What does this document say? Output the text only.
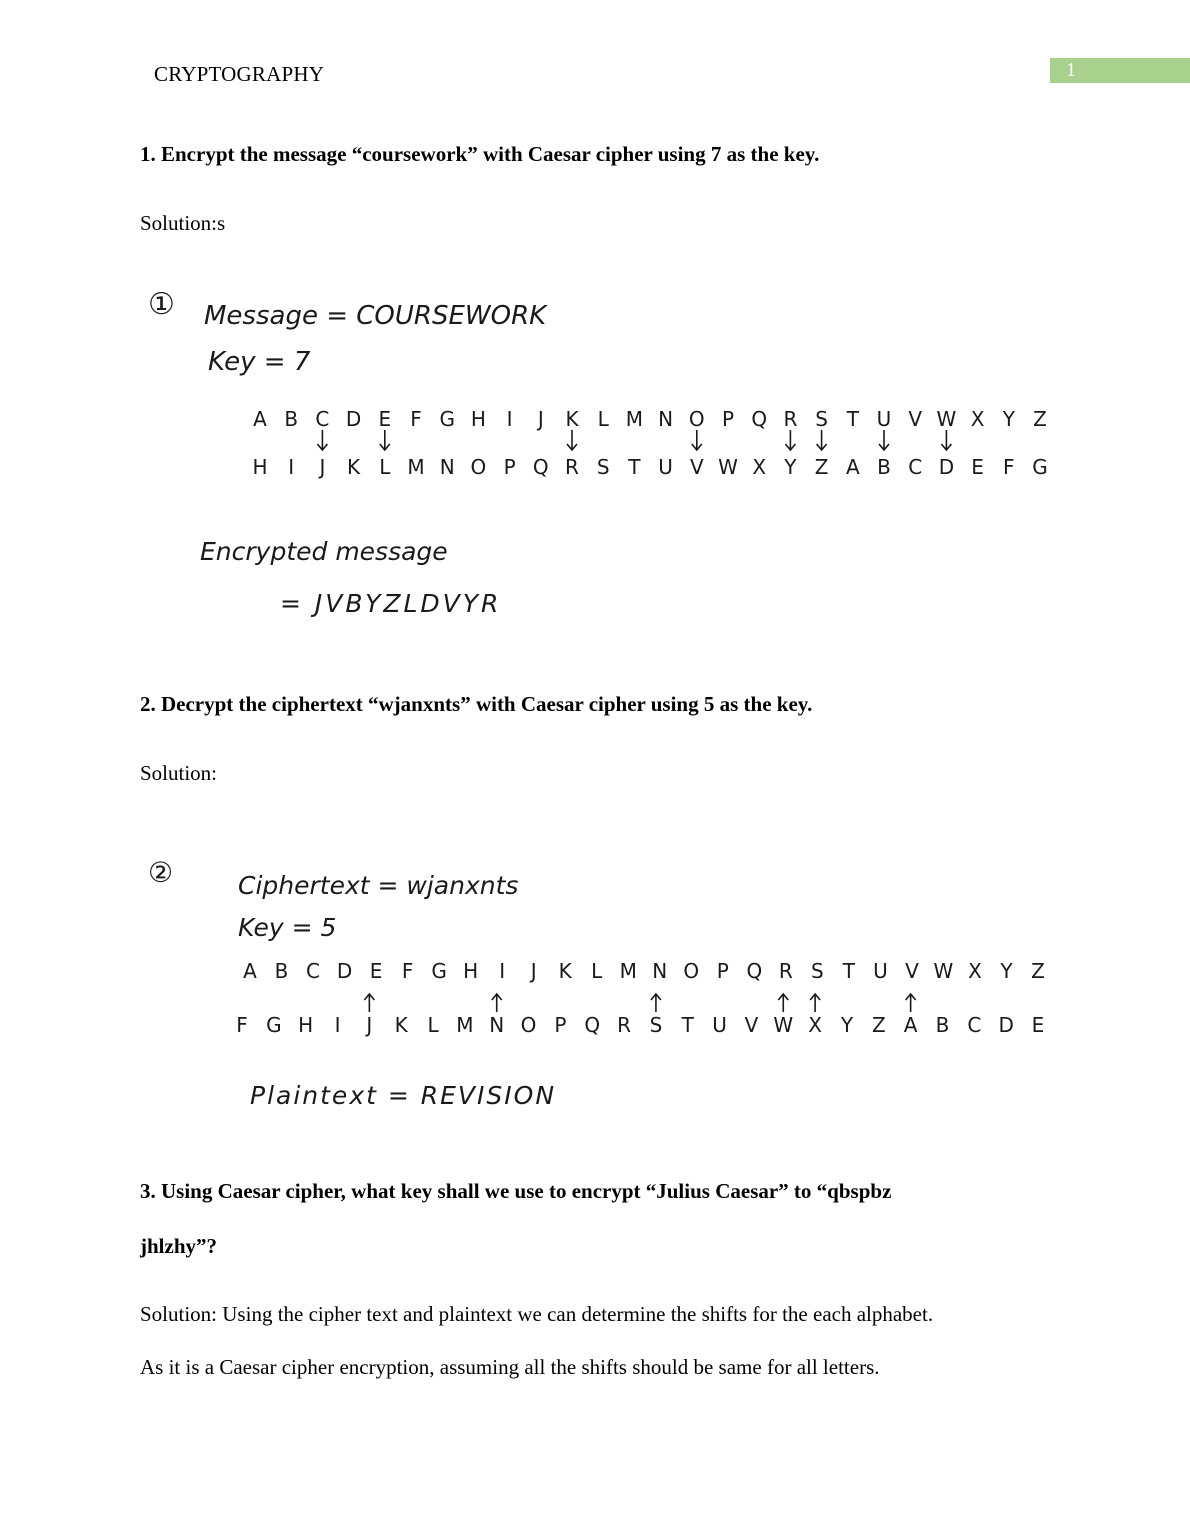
CRYPTOGRAPHY	1
1. Encrypt the message “coursework” with Caesar cipher using 7 as the key.
Solution:s
① Message = COURSEWORK
Key = 7
A B C D E F G H I J K L M N O P Q R S T U V W X Y Z
H I J K L M N O P Q R S T U V W X Y Z A B C D E F G
Encrypted message
= JVBYZLDVYR
2. Decrypt the ciphertext “wjanxnts” with Caesar cipher using 5 as the key.
Solution:
②	Ciphertext = wjanxnts
Key = 5
A B C D E F G H I J K L M N O P Q R S T U V W X Y Z
F G H I J K L M N O P Q R S T U V W X Y Z A B C D E
Plaintext = REVISION
3. Using Caesar cipher, what key shall we use to encrypt “Julius Caesar” to “qbspbz
jhlzhy”?
Solution: Using the cipher text and plaintext we can determine the shifts for the each alphabet.
As it is a Caesar cipher encryption, assuming all the shifts should be same for all letters.
